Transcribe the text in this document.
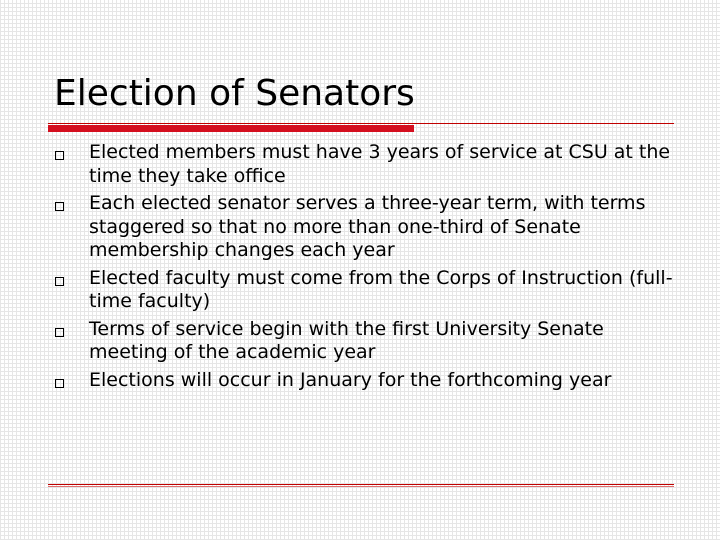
Election of Senators
Elected members must have 3 years of service at CSU at the time they take office
Each elected senator serves a three-year term, with terms staggered so that no more than one-third of Senate membership changes each year
Elected faculty must come from the Corps of Instruction (full-time faculty)
Terms of service begin with the first University Senate meeting of the academic year
Elections will occur in January for the forthcoming year
